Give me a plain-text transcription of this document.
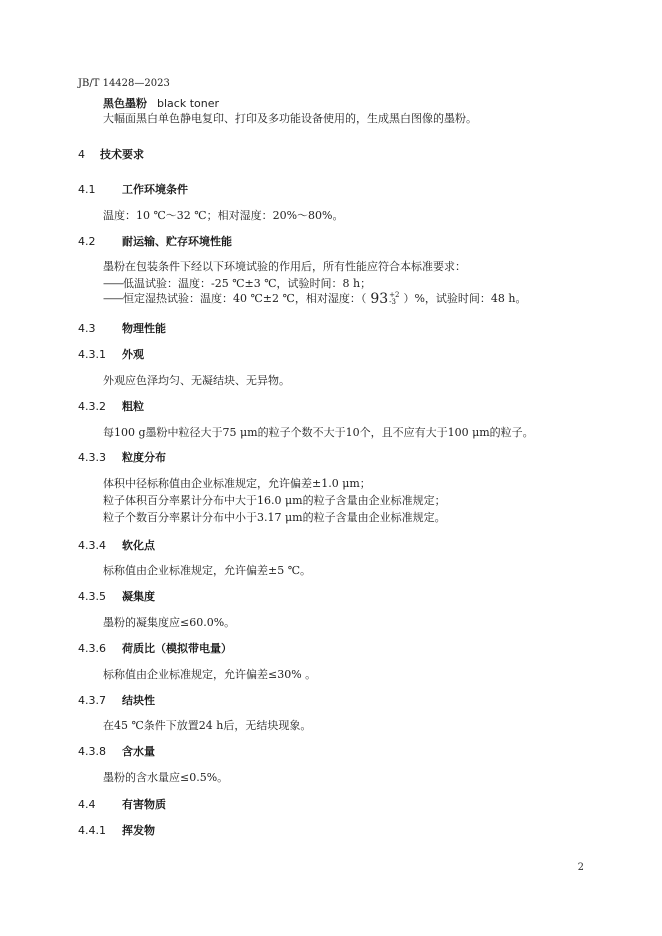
JB/T 14428—2023
黑色墨粉 black toner
大幅面黑白单色静电复印、打印及多功能设备使用的，生成黑白图像的墨粉。
4 技术要求
4.1 工作环境条件
温度：10 ℃～32 ℃；相对湿度：20%～80%。
4.2 耐运输、贮存环境性能
墨粉在包装条件下经以下环境试验的作用后，所有性能应符合本标准要求：
——低温试验：温度：-25 ℃±3 ℃，试验时间：8 h；
——恒定湿热试验：温度：40 ℃±2 ℃，相对湿度：（ 93 +2
-3 ）%，试验时间：48 h。
4.3 物理性能
4.3.1 外观
外观应色泽均匀、无凝结块、无异物。
4.3.2 粗粒
每100 g墨粉中粒径大于75 μm的粒子个数不大于10个，且不应有大于100 μm的粒子。
4.3.3 粒度分布
体积中径标称值由企业标准规定，允许偏差±1.0 μm；
粒子体积百分率累计分布中大于16.0 μm的粒子含量由企业标准规定；
粒子个数百分率累计分布中小于3.17 μm的粒子含量由企业标准规定。
4.3.4 软化点
标称值由企业标准规定，允许偏差±5 ℃。
4.3.5 凝集度
墨粉的凝集度应≤60.0%。
4.3.6 荷质比（模拟带电量）
标称值由企业标准规定，允许偏差≤30% 。
4.3.7 结块性
在45 ℃条件下放置24 h后，无结块现象。
4.3.8 含水量
墨粉的含水量应≤0.5%。
4.4 有害物质
4.4.1 挥发物
2
